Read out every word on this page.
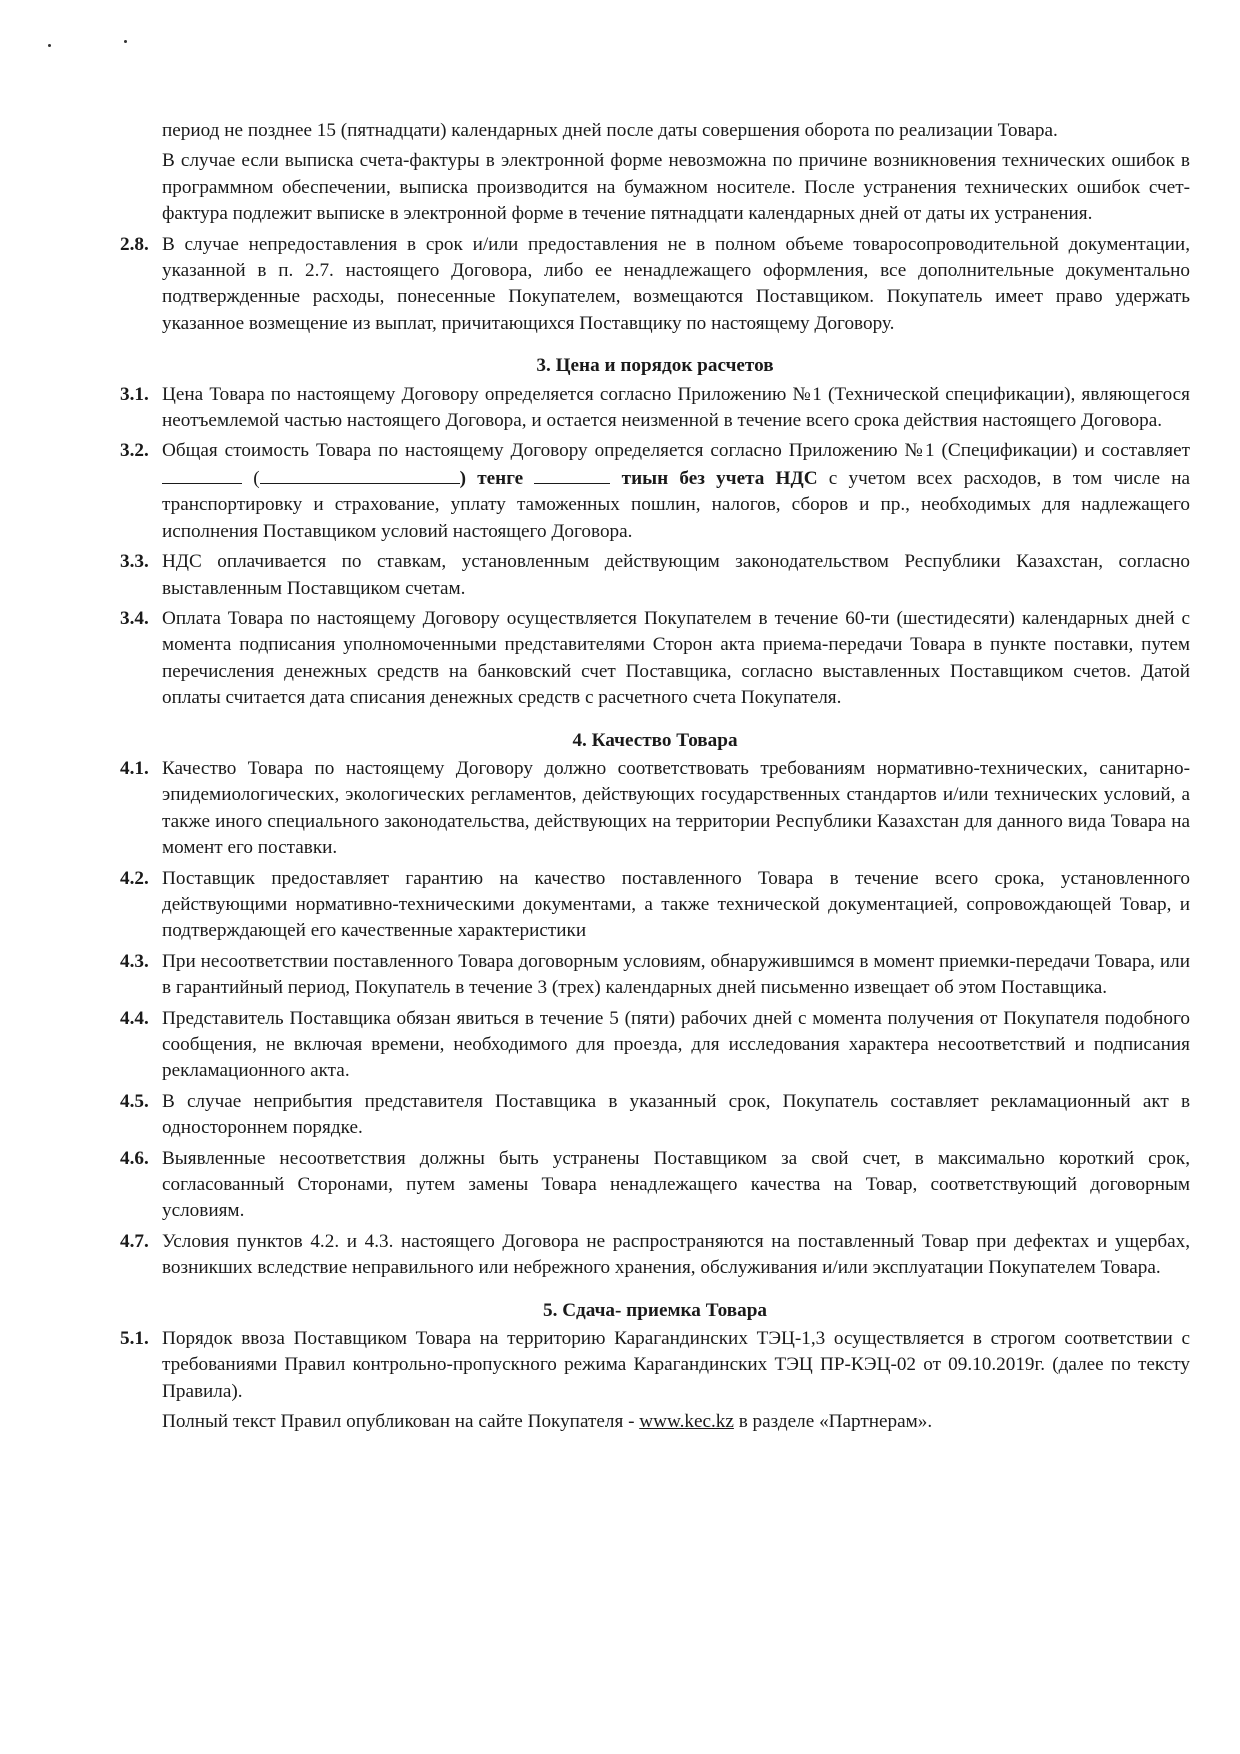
период не позднее 15 (пятнадцати) календарных дней после даты совершения оборота по реализации Товара.
В случае если выписка счета-фактуры в электронной форме невозможна по причине возникновения технических ошибок в программном обеспечении, выписка производится на бумажном носителе. После устранения технических ошибок счет-фактура подлежит выписке в электронной форме в течение пятнадцати календарных дней от даты их устранения.
2.8. В случае непредоставления в срок и/или предоставления не в полном объеме товаросопроводительной документации, указанной в п. 2.7. настоящего Договора, либо ее ненадлежащего оформления, все дополнительные документально подтвержденные расходы, понесенные Покупателем, возмещаются Поставщиком. Покупатель имеет право удержать указанное возмещение из выплат, причитающихся Поставщику по настоящему Договору.
3. Цена и порядок расчетов
3.1. Цена Товара по настоящему Договору определяется согласно Приложению №1 (Технической спецификации), являющегося неотъемлемой частью настоящего Договора, и остается неизменной в течение всего срока действия настоящего Договора.
3.2. Общая стоимость Товара по настоящему Договору определяется согласно Приложению №1 (Спецификации) и составляет  (	) тенге	тиын без учета НДС с учетом всех расходов, в том числе на транспортировку и страхование, уплату таможенных пошлин, налогов, сборов и пр., необходимых для надлежащего исполнения Поставщиком условий настоящего Договора.
3.3. НДС оплачивается по ставкам, установленным действующим законодательством Республики Казахстан, согласно выставленным Поставщиком счетам.
3.4. Оплата Товара по настоящему Договору осуществляется Покупателем в течение 60-ти (шестидесяти) календарных дней с момента подписания уполномоченными представителями Сторон акта приема-передачи Товара в пункте поставки, путем перечисления денежных средств на банковский счет Поставщика, согласно выставленных Поставщиком счетов. Датой оплаты считается дата списания денежных средств с расчетного счета Покупателя.
4. Качество Товара
4.1. Качество Товара по настоящему Договору должно соответствовать требованиям нормативно-технических, санитарно-эпидемиологических, экологических регламентов, действующих государственных стандартов и/или технических условий, а также иного специального законодательства, действующих на территории Республики Казахстан для данного вида Товара на момент его поставки.
4.2. Поставщик предоставляет гарантию на качество поставленного Товара в течение всего срока, установленного действующими нормативно-техническими документами, а также технической документацией, сопровождающей Товар, и подтверждающей его качественные характеристики
4.3. При несоответствии поставленного Товара договорным условиям, обнаружившимся в момент приемки-передачи Товара, или в гарантийный период, Покупатель в течение 3 (трех) календарных дней письменно извещает об этом Поставщика.
4.4. Представитель Поставщика обязан явиться в течение 5 (пяти) рабочих дней с момента получения от Покупателя подобного сообщения, не включая времени, необходимого для проезда, для исследования характера несоответствий и подписания рекламационного акта.
4.5. В случае неприбытия представителя Поставщика в указанный срок, Покупатель составляет рекламационный акт в одностороннем порядке.
4.6. Выявленные несоответствия должны быть устранены Поставщиком за свой счет, в максимально короткий срок, согласованный Сторонами, путем замены Товара ненадлежащего качества на Товар, соответствующий договорным условиям.
4.7. Условия пунктов 4.2. и 4.3. настоящего Договора не распространяются на поставленный Товар при дефектах и ущербах, возникших вследствие неправильного или небрежного хранения, обслуживания и/или эксплуатации Покупателем Товара.
5. Сдача- приемка Товара
5.1. Порядок ввоза Поставщиком Товара на территорию Карагандинских ТЭЦ-1,3 осуществляется в строгом соответствии с требованиями Правил контрольно-пропускного режима Карагандинских ТЭЦ ПР-КЭЦ-02 от 09.10.2019г. (далее по тексту Правила).
Полный текст Правил опубликован на сайте Покупателя - www.kec.kz в разделе «Партнерам».
